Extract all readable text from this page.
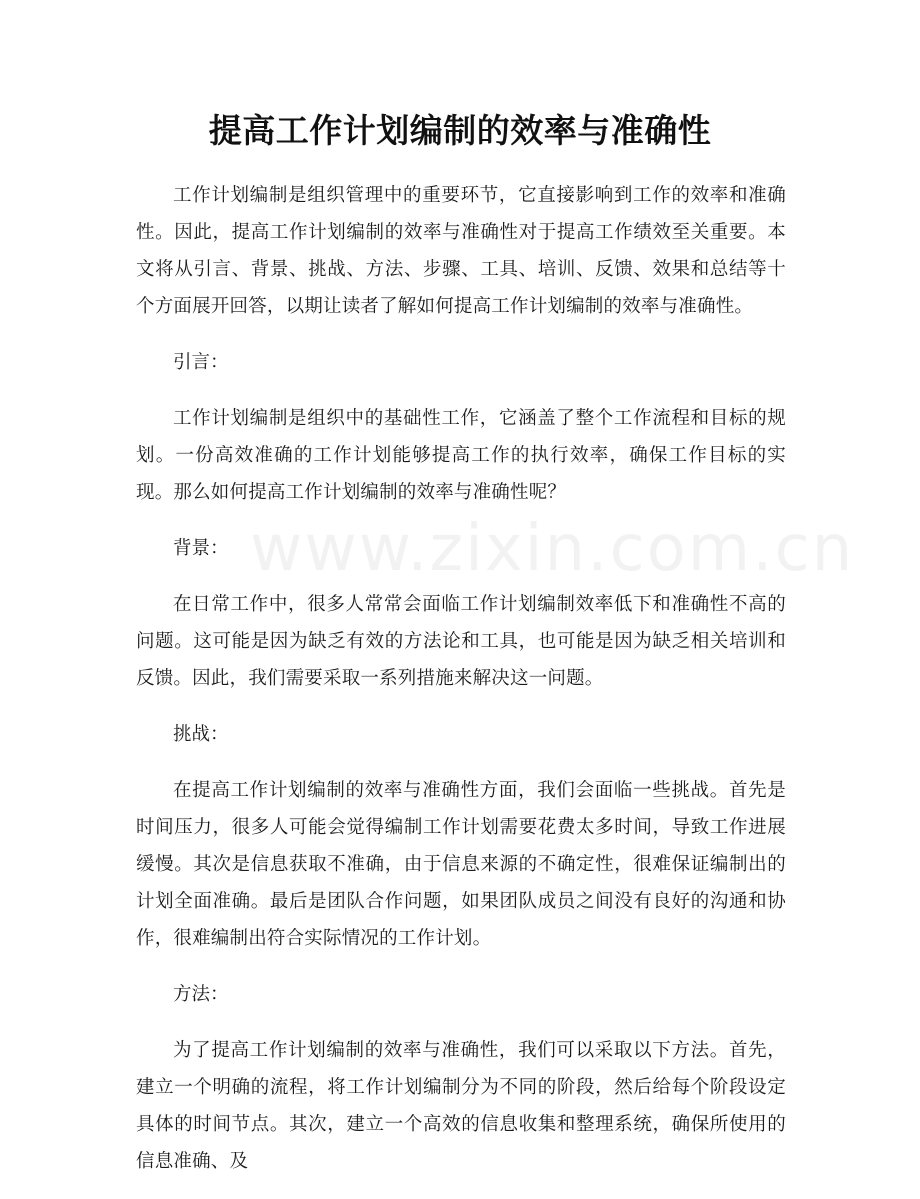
www.zixin.com.cn
提高工作计划编制的效率与准确性

工作计划编制是组织管理中的重要环节，它直接影响到工作的效率和准确性。因此，提高工作计划编制的效率与准确性对于提高工作绩效至关重要。本文将从引言、背景、挑战、方法、步骤、工具、培训、反馈、效果和总结等十个方面展开回答，以期让读者了解如何提高工作计划编制的效率与准确性。

引言：

工作计划编制是组织中的基础性工作，它涵盖了整个工作流程和目标的规划。一份高效准确的工作计划能够提高工作的执行效率，确保工作目标的实现。那么如何提高工作计划编制的效率与准确性呢？

背景：

在日常工作中，很多人常常会面临工作计划编制效率低下和准确性不高的问题。这可能是因为缺乏有效的方法论和工具，也可能是因为缺乏相关培训和反馈。因此，我们需要采取一系列措施来解决这一问题。

挑战：

在提高工作计划编制的效率与准确性方面，我们会面临一些挑战。首先是时间压力，很多人可能会觉得编制工作计划需要花费太多时间，导致工作进展缓慢。其次是信息获取不准确，由于信息来源的不确定性，很难保证编制出的计划全面准确。最后是团队合作问题，如果团队成员之间没有良好的沟通和协作，很难编制出符合实际情况的工作计划。

方法：

为了提高工作计划编制的效率与准确性，我们可以采取以下方法。首先，建立一个明确的流程，将工作计划编制分为不同的阶段，然后给每个阶段设定具体的时间节点。其次，建立一个高效的信息收集和整理系统，确保所使用的信息准确、及
